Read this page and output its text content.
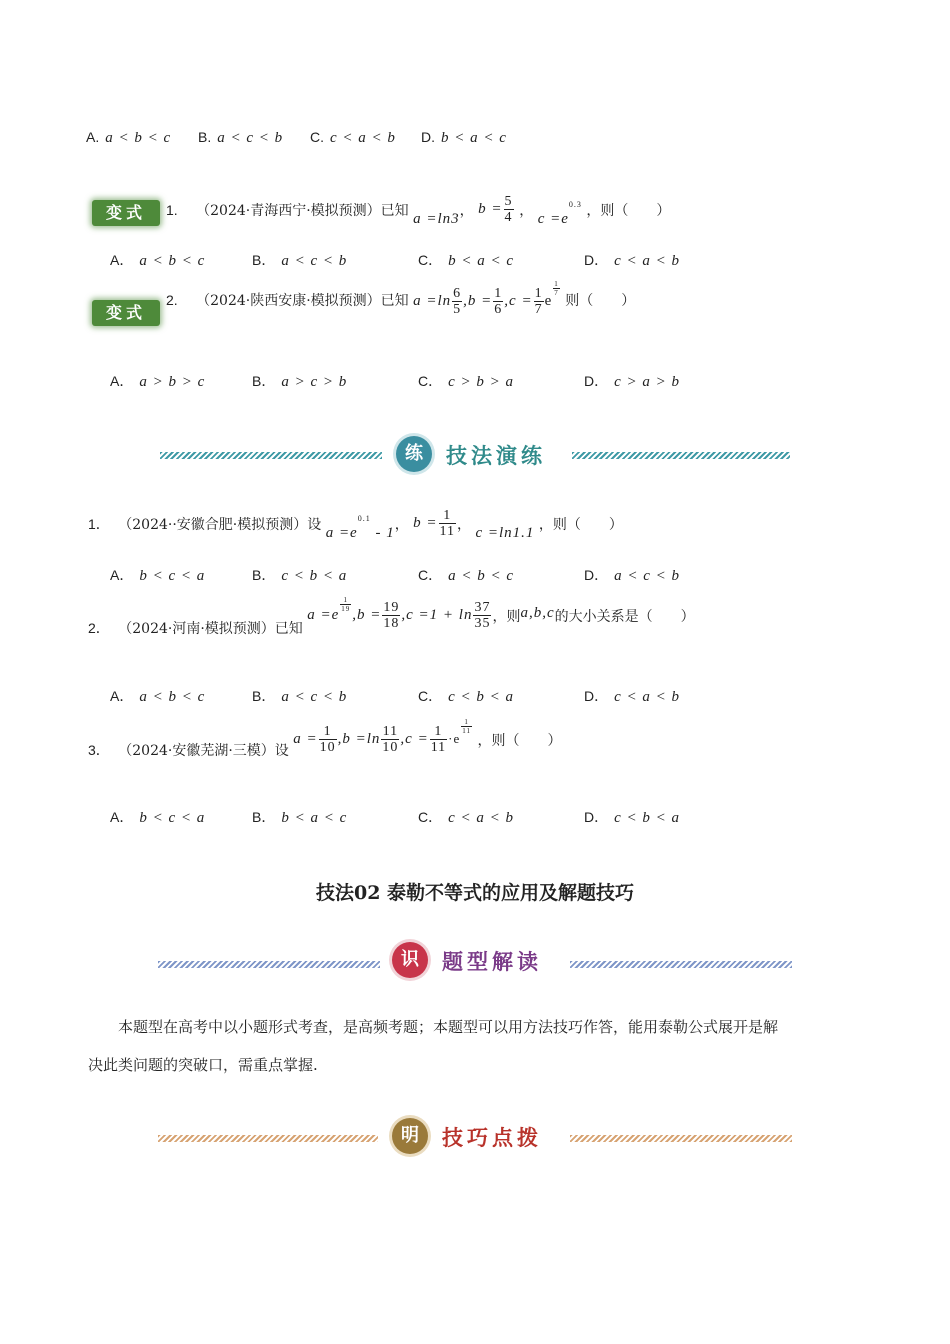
A. a < b < c B. a < c < b C. c < a < b D. b < a < c
变式	1. （2024·青海西宁·模拟预测）已知 a =ln3， $b = \frac{5}{4}$ ， $c =e^{0.3}$ ，则（　　）
A． a < b < c	B． a < c < b	C． b < a < c	D． c < a < b
变式
2. （2024·陕西安康·模拟预测）已知 $a =\ln \frac{6}{5} ,b = \frac{1}{6} ,c = \frac{1}{7}$ e
$\frac{1}{7}$
则（　　）
A． a > b > c	B． a > c > b	C． c > b > a	D． c > a > b
练	技法演练
1． （2024··安徽合肥·模拟预测）设 $a =e^{0.1} - 1$， $b = \frac{1}{11}$ ， c =ln1.1 ，则（　　）
A． b < c < a	B． c < b < a	C． a < b < c	D． a < c < b
2． （2024·河南·模拟预测）已知 a =e
$\frac{1}{19}$
$,b = \frac{19}{18} ,c =1 + \ln \frac{37}{35}$ ，则a,b,c的大小关系是（　　）
A． a < b < c	B． a < c < b	C． c < b < a	D． c < a < b
3． （2024·安徽芜湖·三模）设 $a = \frac{1}{10} ,b =\ln \frac{11}{10} ,c = \frac{1}{11} \cdot e$
$\frac{1}{11}$
，则（　　）
A． b < c < a	B． b < a < c	C． c < a < b	D． c < b < a
技法02 泰勒不等式的应用及解题技巧
识	题型解读
本题型在高考中以小题形式考查，是高频考题；本题型可以用方法技巧作答，能用泰勒公式展开是解
决此类问题的突破口，需重点掌握.
明	技巧点拨
